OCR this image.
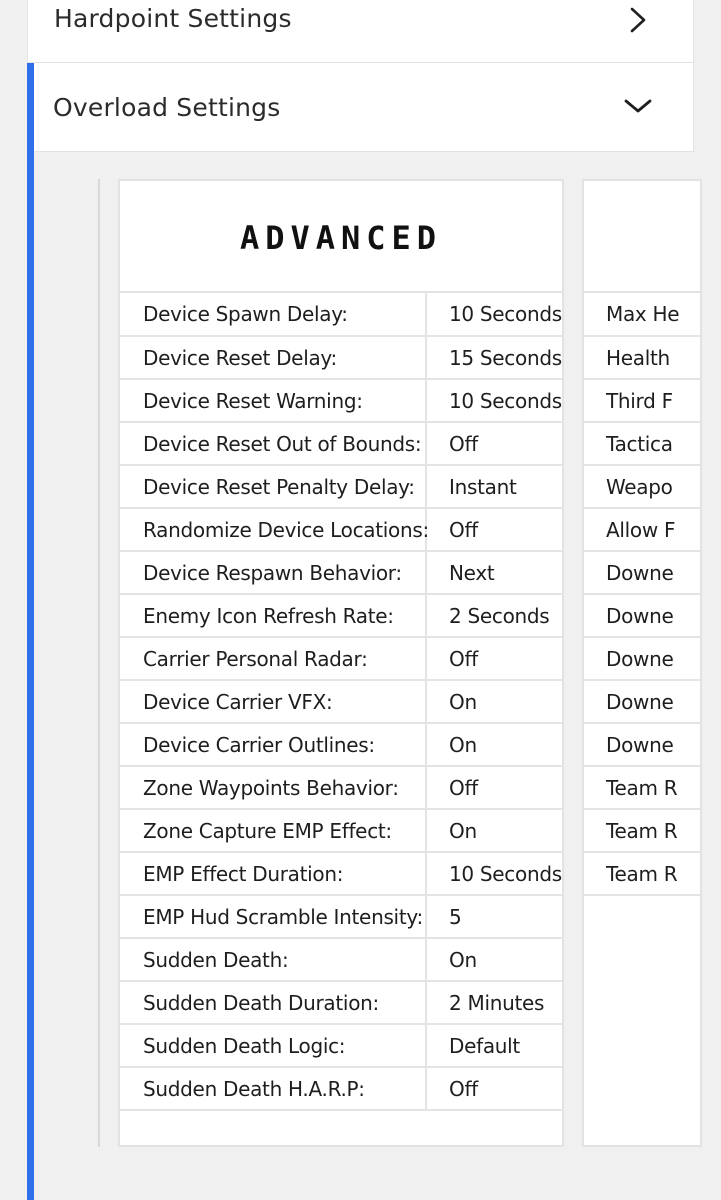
Hardpoint Settings
Overload Settings
ADVANCED
Device Spawn Delay:	10 Seconds
Device Reset Delay:	15 Seconds
Device Reset Warning:	10 Seconds
Device Reset Out of Bounds:	Off
Device Reset Penalty Delay:	Instant
Randomize Device Locations:	Off
Device Respawn Behavior:	Next
Enemy Icon Refresh Rate:	2 Seconds
Carrier Personal Radar:	Off
Device Carrier VFX:	On
Device Carrier Outlines:	On
Zone Waypoints Behavior:	Off
Zone Capture EMP Effect:	On
EMP Effect Duration:	10 Seconds
EMP Hud Scramble Intensity:	5
Sudden Death:	On
Sudden Death Duration:	2 Minutes
Sudden Death Logic:	Default
Sudden Death H.A.R.P:	Off
Max He
Health
Third F
Tactica
Weapo
Allow F
Downe
Downe
Downe
Downe
Downe
Team R
Team R
Team R
